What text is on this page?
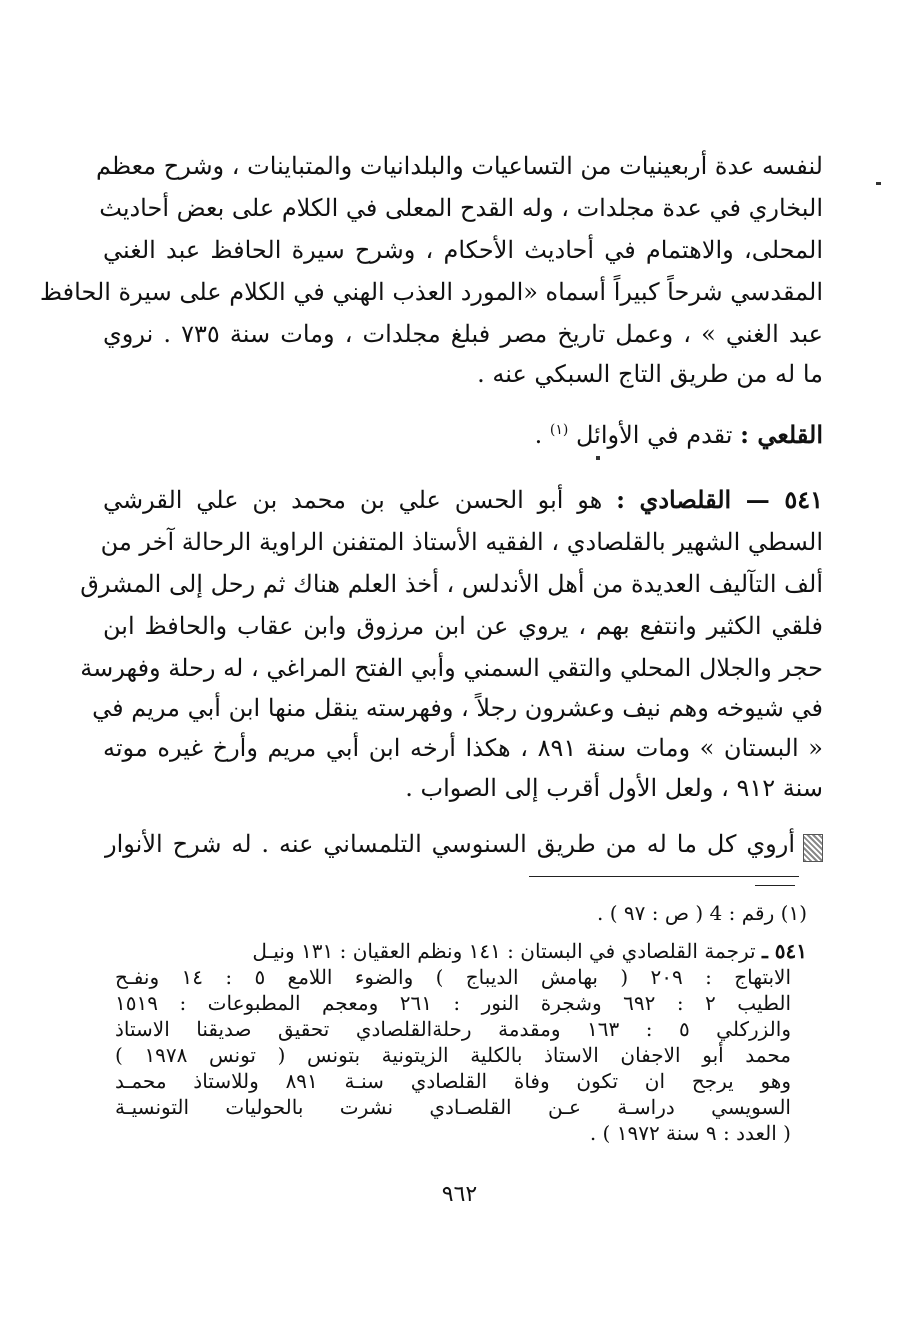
لنفسه عدة أربعينيات من التساعيات والبلدانيات والمتباينات ، وشرح معظم
البخاري في عدة مجلدات ، وله القدح المعلى في الكلام على بعض أحاديث
المحلى، والاهتمام في أحاديث الأحكام ، وشرح سيرة الحافظ عبد الغني
المقدسي شرحاً كبيراً أسماه «المورد العذب الهني في الكلام على سيرة الحافظ
عبد الغني » ، وعمل تاريخ مصر فبلغ مجلدات ، ومات سنة ٧٣٥ . نروي
ما له من طريق التاج السبكي عنه .
القلعي : تقدم في الأوائل $^{(١)}$ .
٥٤١ — القلصادي : هو أبو الحسن علي بن محمد بن علي القرشي
السطي الشهير بالقلصادي ، الفقيه الأستاذ المتفنن الراوية الرحالة آخر من
ألف التآليف العديدة من أهل الأندلس ، أخذ العلم هناك ثم رحل إلى المشرق
فلقي الكثير وانتفع بهم ، يروي عن ابن مرزوق وابن عقاب والحافظ ابن
حجر والجلال المحلي والتقي السمني وأبي الفتح المراغي ، له رحلة وفهرسة
في شيوخه وهم نيف وعشرون رجلاً ، وفهرسته ينقل منها ابن أبي مريم في
« البستان » ومات سنة ٨٩١ ، هكذا أرخه ابن أبي مريم وأرخ غيره موته
سنة ٩١٢ ، ولعل الأول أقرب إلى الصواب .
أروي كل ما له من طريق السنوسي التلمساني عنه . له شرح الأنوار
(١) رقم : 4 ( ص : ٩٧ ) .
٥٤١ ـ ترجمة القلصادي في البستان : ١٤١ ونظم العقيان : ١٣١ ونيـل
الابتهاج : ٢٠٩ ( بهامش الديباج ) والضوء اللامع ٥ : ١٤ ونفـح
الطيب ٢ : ٦٩٢ وشجرة النور : ٢٦١ ومعجم المطبوعات : ١٥١٩
والزركلي ٥ : ١٦٣ ومقدمة رحلةالقلصادي تحقيق صديقنا الاستاذ
محمد أبو الاجفان الاستاذ بالكلية الزيتونية بتونس ( تونس ١٩٧٨ )
وهو يرجح ان تكون وفاة القلصادي سنـة ٨٩١ وللاستاذ محمـد
السويسي دراسـة عـن القلصـادي نشرت بالحوليات التونسيـة
( العدد : ٩ سنة ١٩٧٢ ) .
٩٦٢
